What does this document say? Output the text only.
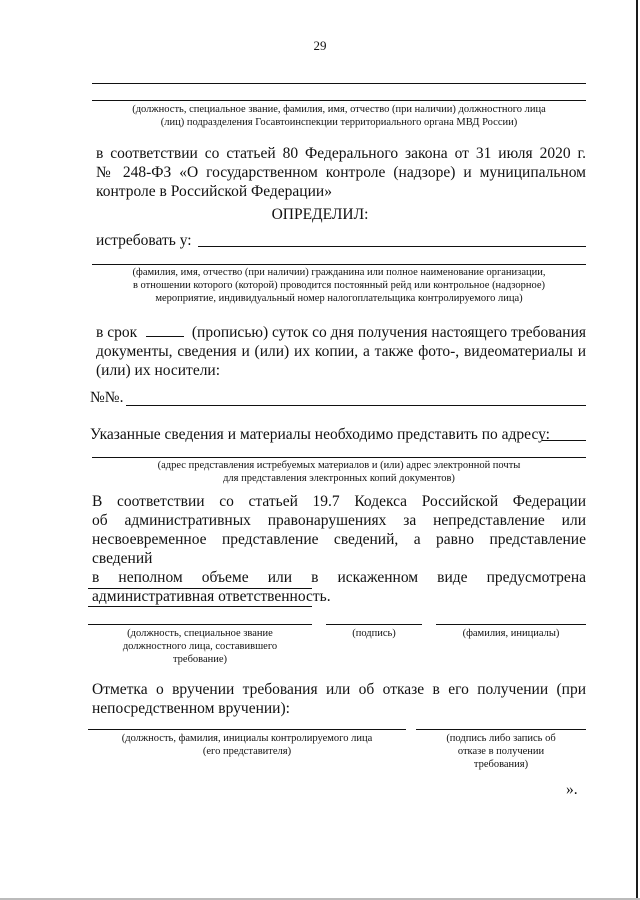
29
(должность, специальное звание, фамилия, имя, отчество (при наличии) должностного лица
(лиц) подразделения Госавтоинспекции территориального органа МВД России)
в соответствии со статьей 80 Федерального закона от 31 июля 2020 г.
№ 248-ФЗ «О государственном контроле (надзоре) и муниципальном
контроле в Российской Федерации»
ОПРЕДЕЛИЛ:
истребовать у:
(фамилия, имя, отчество (при наличии) гражданина или полное наименование организации,
в отношении которого (которой) проводится постоянный рейд или контрольное (надзорное)
мероприятие, индивидуальный номер налогоплательщика контролируемого лица)
в срок	(прописью) суток со дня получения настоящего требования
документы, сведения и (или) их копии, а также фото-, видеоматериалы и
(или) их носители:
№№.
Указанные сведения и материалы необходимо представить по адресу:
(адрес представления истребуемых материалов и (или) адрес электронной почты
для представления электронных копий документов)
В соответствии со статьей 19.7 Кодекса Российской Федерации
об административных правонарушениях за непредставление или
несвоевременное представление сведений, а равно представление сведений
в неполном объеме или в искаженном виде предусмотрена
административная ответственность.
(должность, специальное звание
должностного лица, составившего
требование)
(подпись)	(фамилия, инициалы)
Отметка о вручении требования или об отказе в его получении (при
непосредственном вручении):
(должность, фамилия, инициалы контролируемого лица
(его представителя)
(подпись либо запись об
отказе в получении
требования)
».
